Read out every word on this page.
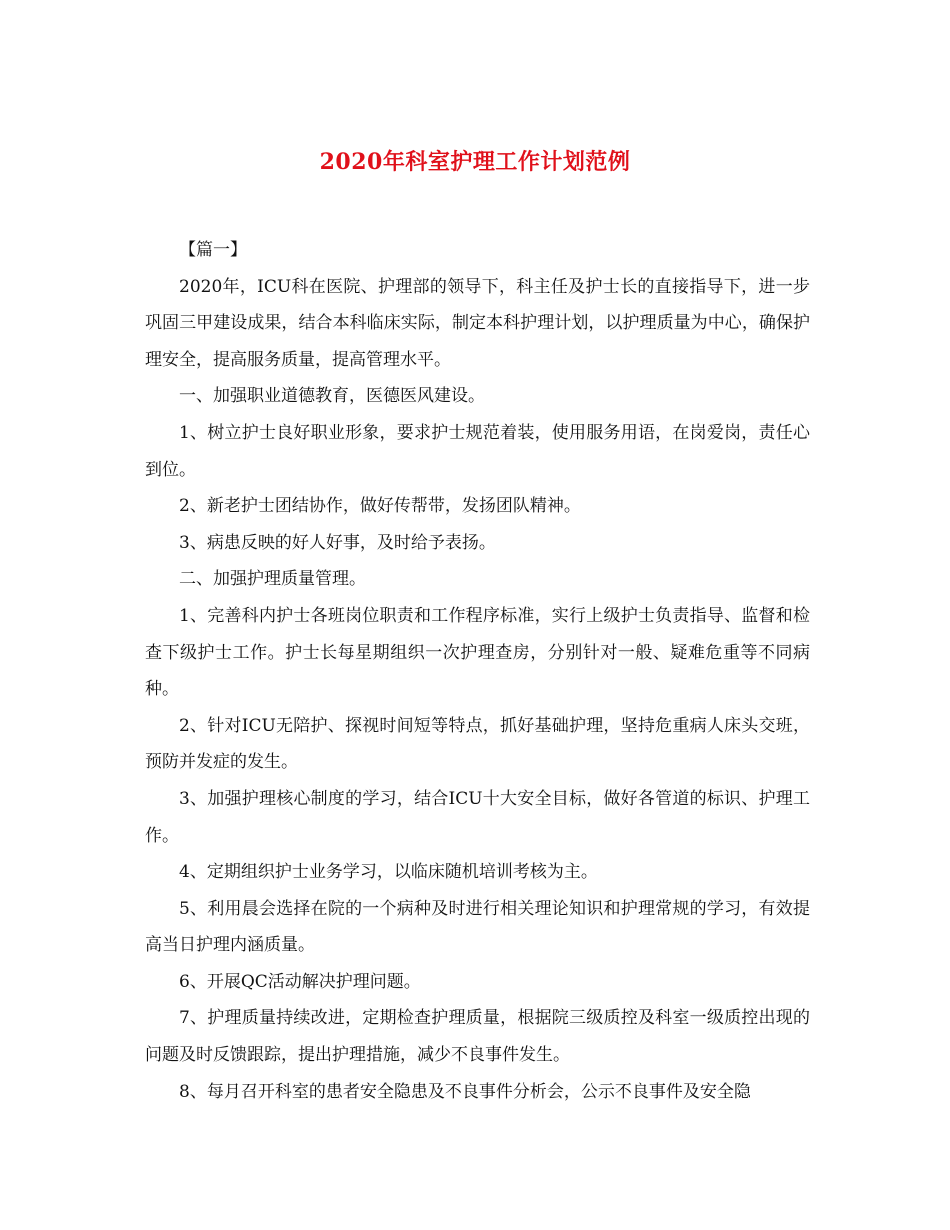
2020年科室护理工作计划范例

【篇一】

2020年，ICU科在医院、护理部的领导下，科主任及护士长的直接指导下，进一步巩固三甲建设成果，结合本科临床实际，制定本科护理计划，以护理质量为中心，确保护理安全，提高服务质量，提高管理水平。

一、加强职业道德教育，医德医风建设。

1、树立护士良好职业形象，要求护士规范着装，使用服务用语，在岗爱岗，责任心到位。

2、新老护士团结协作，做好传帮带，发扬团队精神。

3、病患反映的好人好事，及时给予表扬。

二、加强护理质量管理。

1、完善科内护士各班岗位职责和工作程序标准，实行上级护士负责指导、监督和检查下级护士工作。护士长每星期组织一次护理查房，分别针对一般、疑难危重等不同病种。

2、针对ICU无陪护、探视时间短等特点，抓好基础护理，坚持危重病人床头交班，预防并发症的发生。

3、加强护理核心制度的学习，结合ICU十大安全目标，做好各管道的标识、护理工作。

4、定期组织护士业务学习，以临床随机培训考核为主。

5、利用晨会选择在院的一个病种及时进行相关理论知识和护理常规的学习，有效提高当日护理内涵质量。

6、开展QC活动解决护理问题。

7、护理质量持续改进，定期检查护理质量，根据院三级质控及科室一级质控出现的问题及时反馈跟踪，提出护理措施，减少不良事件发生。

8、每月召开科室的患者安全隐患及不良事件分析会，公示不良事件及安全隐
